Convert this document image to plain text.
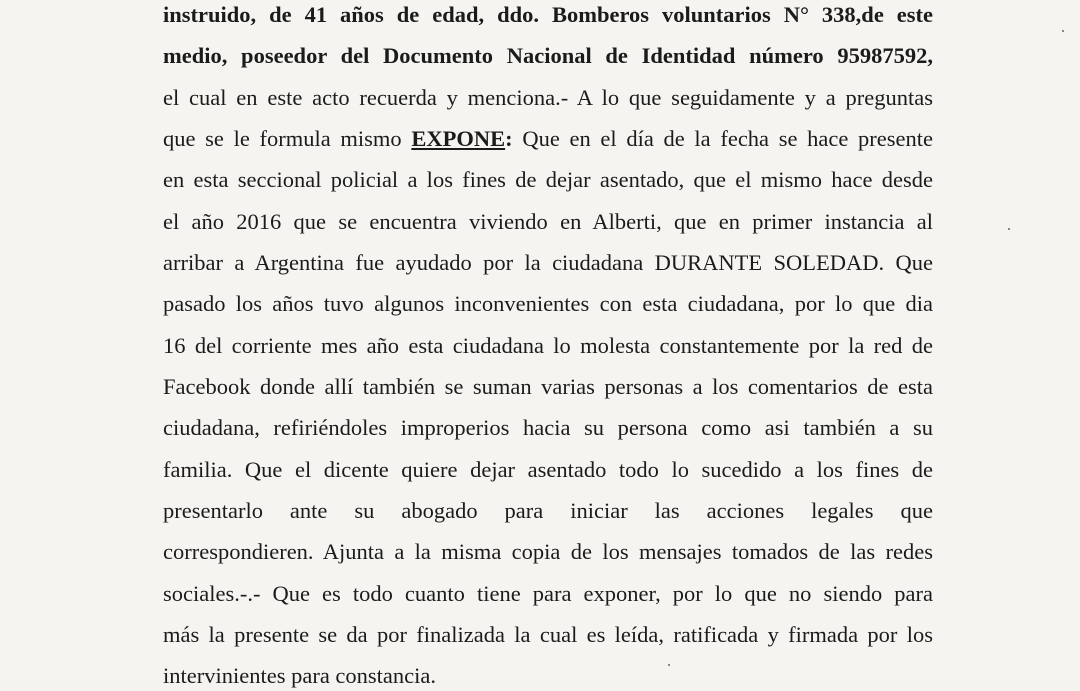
instruido, de 41 años de edad, ddo. Bomberos voluntarios N° 338,de este
medio, poseedor del Documento Nacional de Identidad número 95987592,
el cual en este acto recuerda y menciona.- A lo que seguidamente y a preguntas
que se le formula mismo EXPONE: Que en el día de la fecha se hace presente
en esta seccional policial a los fines de dejar asentado, que el mismo hace desde
el año 2016 que se encuentra viviendo en Alberti, que en primer instancia al
arribar a Argentina fue ayudado por la ciudadana DURANTE SOLEDAD. Que
pasado los años tuvo algunos inconvenientes con esta ciudadana, por lo que dia
16 del corriente mes año esta ciudadana lo molesta constantemente por la red de
Facebook donde allí también se suman varias personas a los comentarios de esta
ciudadana, refiriéndoles improperios hacia su persona como asi también a su
familia. Que el dicente quiere dejar asentado todo lo sucedido a los fines de
presentarlo ante su abogado para iniciar las acciones legales que
correspondieren. Ajunta a la misma copia de los mensajes tomados de las redes
sociales.-.- Que es todo cuanto tiene para exponer, por lo que no siendo para
más la presente se da por finalizada la cual es leída, ratificada y firmada por los
intervinientes para constancia.
